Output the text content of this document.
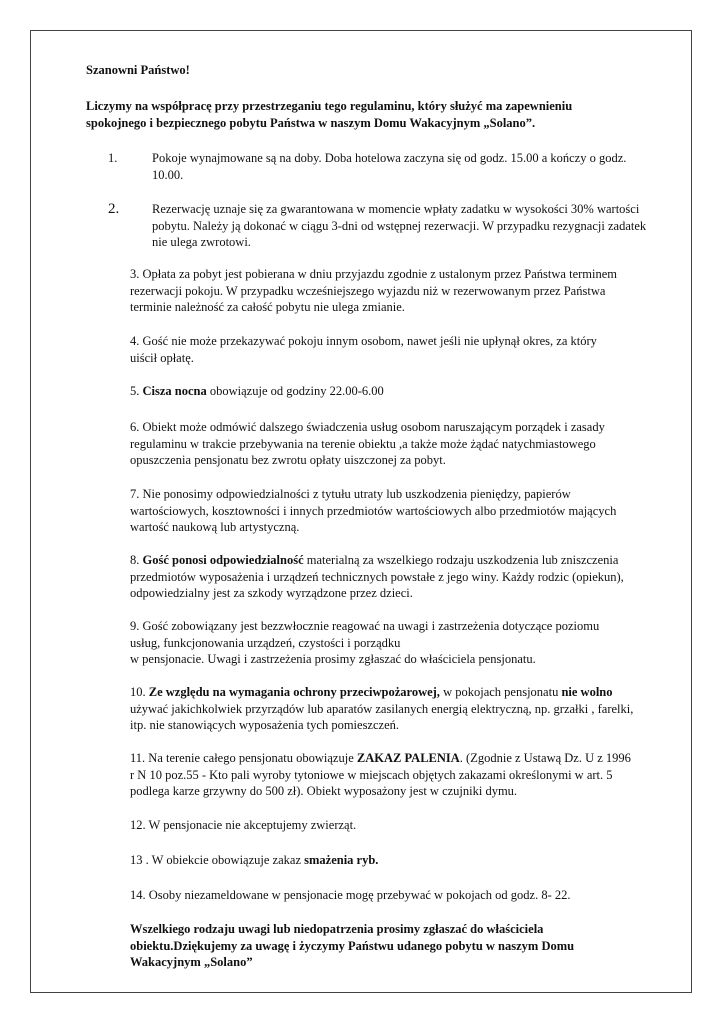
Szanowni Państwo!

Liczymy na współpracę przy przestrzeganiu tego regulaminu, który służyć ma zapewnieniu spokojnego i bezpiecznego pobytu Państwa w naszym Domu Wakacyjnym „Solano”.

1.	Pokoje wynajmowane są na doby. Doba hotelowa zaczyna się od godz. 15.00 a kończy o godz. 10.00.
2.	Rezerwację uznaje się za gwarantowana w momencie wpłaty zadatku w wysokości 30% wartości pobytu. Należy ją dokonać w ciągu 3-dni od wstępnej rezerwacji. W przypadku rezygnacji zadatek nie ulega zwrotowi.

3. Opłata za pobyt jest pobierana w dniu przyjazdu zgodnie z ustalonym przez Państwa terminem rezerwacji pokoju. W przypadku wcześniejszego wyjazdu niż w rezerwowanym przez Państwa terminie należność za całość pobytu nie ulega zmianie.

4. Gość nie może przekazywać pokoju innym osobom, nawet jeśli nie upłynął okres, za który uiścił opłatę.

5. Cisza nocna obowiązuje od godziny 22.00-6.00

6. Obiekt może odmówić dalszego świadczenia usług osobom naruszającym porządek i zasady regulaminu w trakcie przebywania na terenie obiektu ,a także może żądać natychmiastowego opuszczenia pensjonatu bez zwrotu opłaty uiszczonej za pobyt.

7. Nie ponosimy odpowiedzialności z tytułu utraty lub uszkodzenia pieniędzy, papierów wartościowych, kosztowności i innych przedmiotów wartościowych albo przedmiotów mających wartość naukową lub artystyczną.

8. Gość ponosi odpowiedzialność materialną za wszelkiego rodzaju uszkodzenia lub zniszczenia przedmiotów wyposażenia i urządzeń technicznych powstałe z jego winy. Każdy rodzic (opiekun), odpowiedzialny jest za szkody wyrządzone przez dzieci.

9. Gość zobowiązany jest bezzwłocznie reagować na uwagi i zastrzeżenia dotyczące poziomu usług, funkcjonowania urządzeń, czystości i porządku
w pensjonacie. Uwagi i zastrzeżenia prosimy zgłaszać do właściciela pensjonatu.

10. Ze względu na wymagania ochrony przeciwpożarowej, w pokojach pensjonatu nie wolno używać jakichkolwiek przyrządów lub aparatów zasilanych energią elektryczną, np. grzałki , farelki, itp. nie stanowiących wyposażenia tych pomieszczeń.

11. Na terenie całego pensjonatu obowiązuje ZAKAZ PALENIA. (Zgodnie z Ustawą Dz. U z 1996 r N 10 poz.55 - Kto pali wyroby tytoniowe w miejscach objętych zakazami określonymi w art. 5 podlega karze grzywny do 500 zł). Obiekt wyposażony jest w czujniki dymu.

12. W pensjonacie nie akceptujemy zwierząt.

13 . W obiekcie obowiązuje zakaz smażenia ryb.

14. Osoby niezameldowane w pensjonacie mogę przebywać w pokojach od godz. 8- 22.

Wszelkiego rodzaju uwagi lub niedopatrzenia prosimy zgłaszać do właściciela obiektu.Dziękujemy za uwagę i życzymy Państwu udanego pobytu w naszym Domu Wakacyjnym „Solano”
